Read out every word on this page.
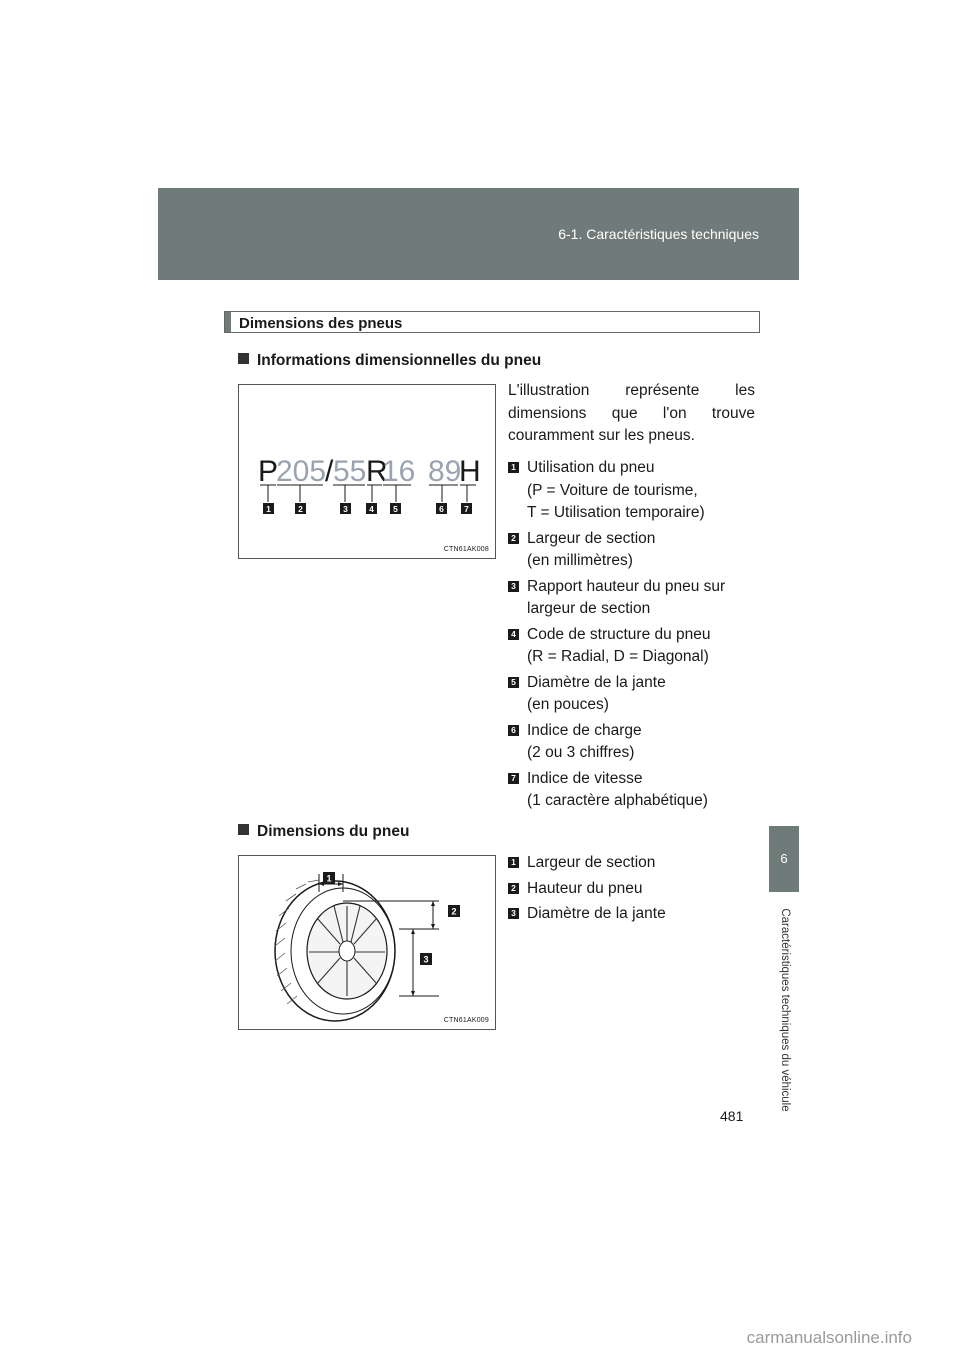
6-1. Caractéristiques techniques
6
Caractéristiques techniques du véhicule
Dimensions des pneus
Informations dimensionnelles du pneu
P
205
/ 55 R
16 89
H
1	2	3	4 5	6 7
CTN61AK008
L'illustration représente les dimensions que l'on trouve couramment sur les pneus.
1 Utilisation du pneu
(P = Voiture de tourisme,
T = Utilisation temporaire)
2 Largeur de section
(en millimètres)
3 Rapport hauteur du pneu sur
largeur de section
4 Code de structure du pneu
(R = Radial, D = Diagonal)
5 Diamètre de la jante
(en pouces)
6 Indice de charge
(2 ou 3 chiffres)
7 Indice de vitesse
(1 caractère alphabétique)
Dimensions du pneu
1
2
3
CTN61AK009
1 Largeur de section
2 Hauteur du pneu
3 Diamètre de la jante
481
carmanualsonline.info
